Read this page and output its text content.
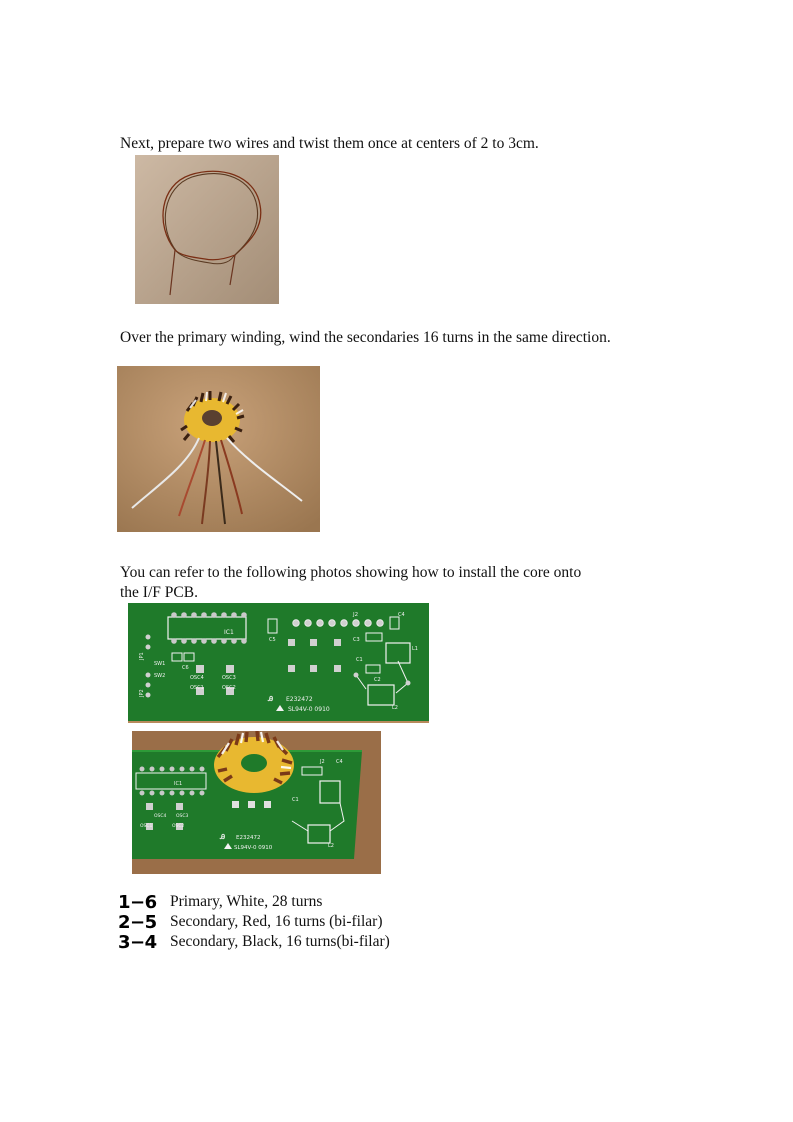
Next, prepare two wires and twist them once at centers of 2 to 3cm.
Over the primary winding, wind the secondaries 16 turns in the same direction.
You can refer to the following photos showing how to install the core onto
the I/F PCB.
IC1
J2
C5
C4
C3
C1
C2
L1
L2
JP1
JP2
SW1
SW2
C6
OSC4	OSC3
OSC1	OSC2
Ꭿ E232472
SL94V-0 0910
IC1
OSC4 OSC3
OSC1	OSC2
J2 C4
C1
L2
Ꭿ E232472
SL94V-0 0910
1−6 Primary, White, 28 turns
2−5 Secondary, Red, 16 turns (bi-filar)
3−4 Secondary, Black, 16 turns(bi-filar)
